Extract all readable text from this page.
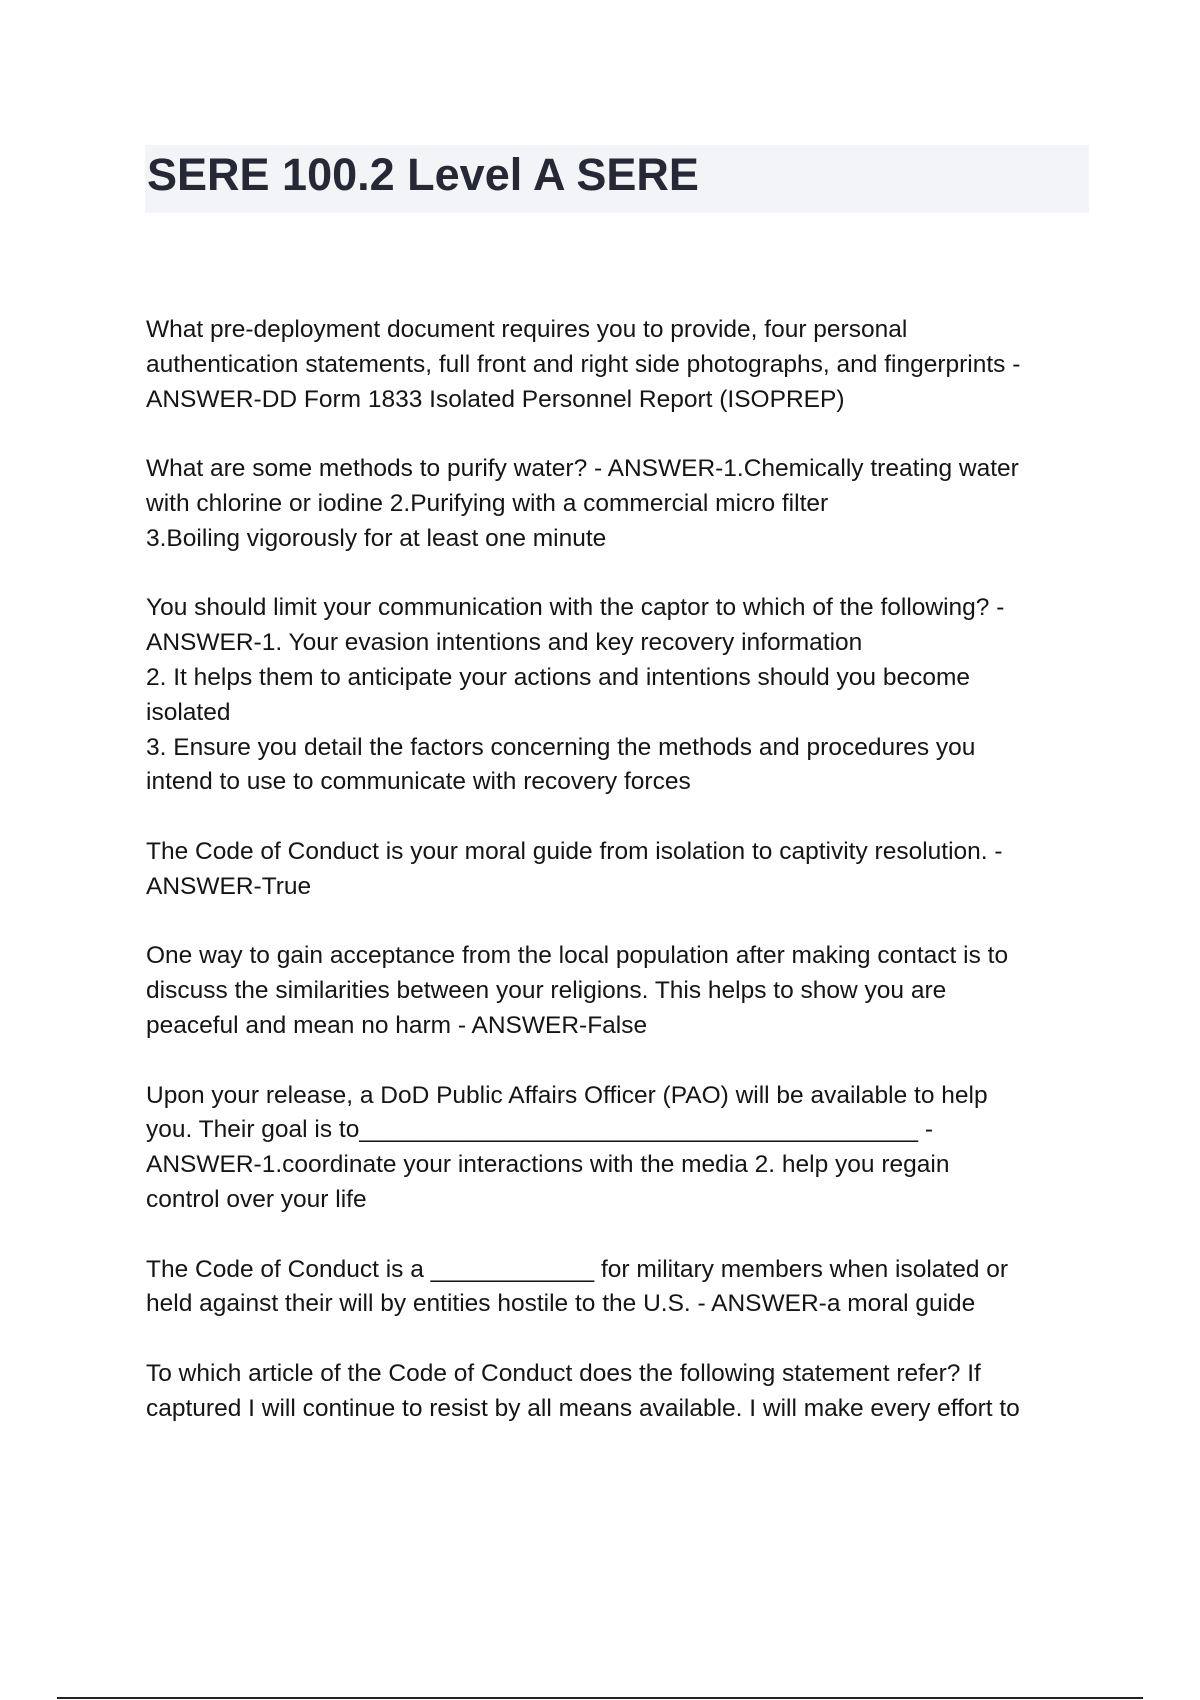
SERE 100.2 Level A SERE

What pre-deployment document requires you to provide, four personal
authentication statements, full front and right side photographs, and fingerprints -
ANSWER-DD Form 1833 Isolated Personnel Report (ISOPREP)

What are some methods to purify water? - ANSWER-1.Chemically treating water
with chlorine or iodine 2.Purifying with a commercial micro filter
3.Boiling vigorously for at least one minute

You should limit your communication with the captor to which of the following? -
ANSWER-1. Your evasion intentions and key recovery information
2. It helps them to anticipate your actions and intentions should you become
isolated
3. Ensure you detail the factors concerning the methods and procedures you
intend to use to communicate with recovery forces

The Code of Conduct is your moral guide from isolation to captivity resolution. -
ANSWER-True

One way to gain acceptance from the local population after making contact is to
discuss the similarities between your religions. This helps to show you are
peaceful and mean no harm - ANSWER-False

Upon your release, a DoD Public Affairs Officer (PAO) will be available to help
you. Their goal is to_________________________________________ -
ANSWER-1.coordinate your interactions with the media 2. help you regain
control over your life

The Code of Conduct is a ____________ for military members when isolated or
held against their will by entities hostile to the U.S. - ANSWER-a moral guide

To which article of the Code of Conduct does the following statement refer? If
captured I will continue to resist by all means available. I will make every effort to
